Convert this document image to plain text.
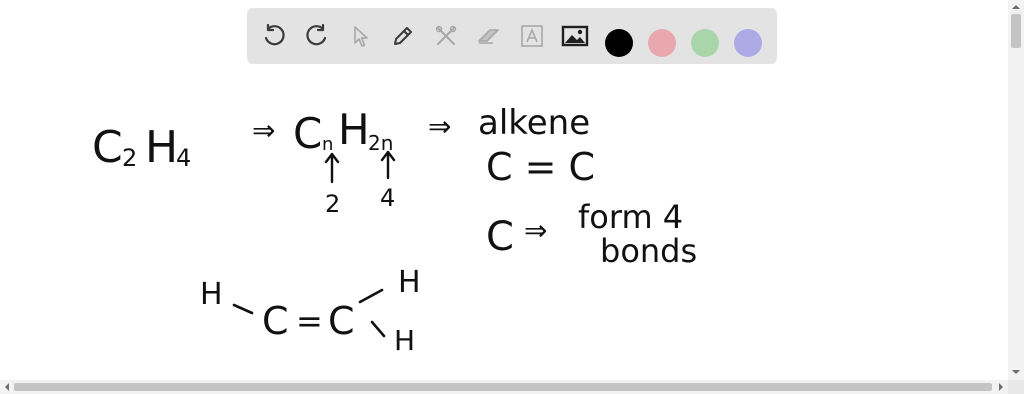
C 2 H
4
⇒ C n H
2n
2 4
⇒ alkene
C = C
C ⇒ form 4
bonds
H
C = C
H
H
